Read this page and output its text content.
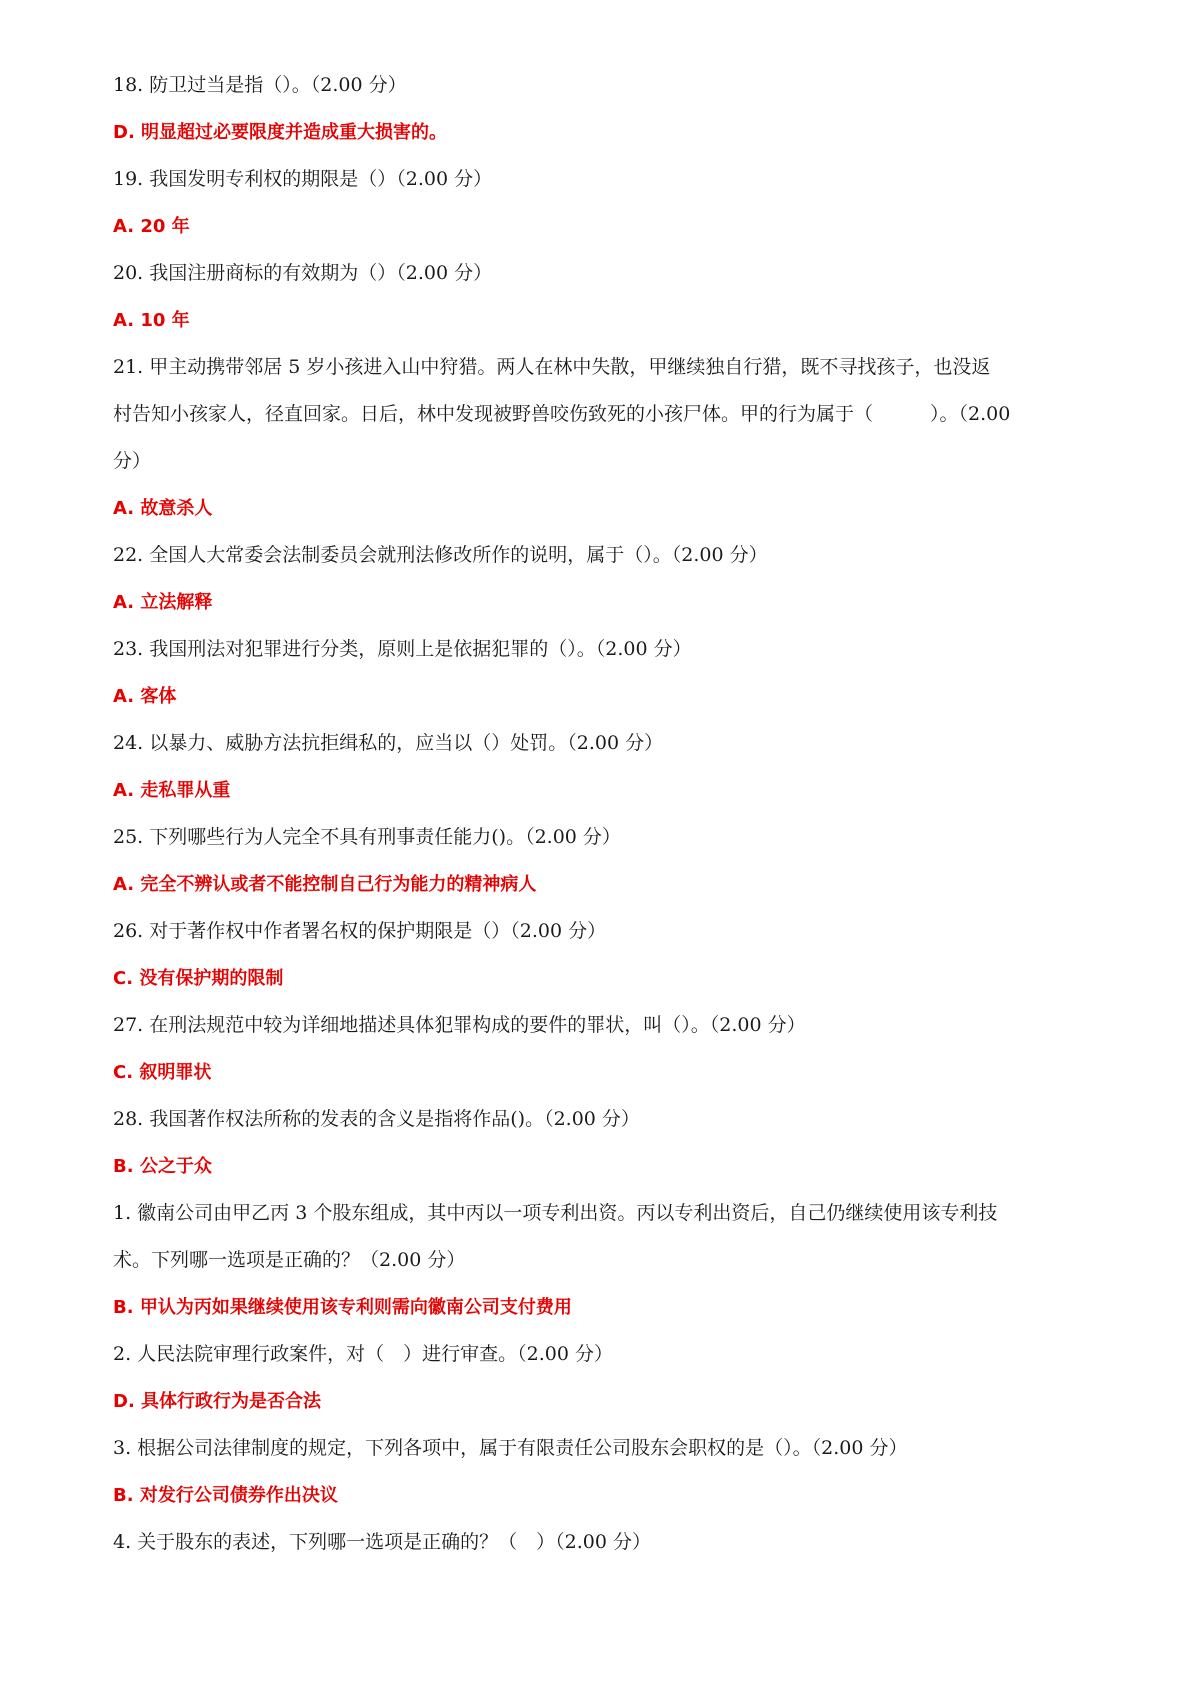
18. 防卫过当是指（）。（2.00 分）

D. 明显超过必要限度并造成重大损害的。

19. 我国发明专利权的期限是（）（2.00 分）

A. 20 年

20. 我国注册商标的有效期为（）（2.00 分）

A. 10 年

21. 甲主动携带邻居 5 岁小孩进入山中狩猎。两人在林中失散，甲继续独自行猎，既不寻找孩子，也没返

村告知小孩家人，径直回家。日后，林中发现被野兽咬伤致死的小孩尸体。甲的行为属于（　　　）。（2.00

分）

A. 故意杀人

22. 全国人大常委会法制委员会就刑法修改所作的说明，属于（）。（2.00 分）

A. 立法解释

23. 我国刑法对犯罪进行分类，原则上是依据犯罪的（）。（2.00 分）

A. 客体

24. 以暴力、威胁方法抗拒缉私的，应当以（）处罚。（2.00 分）

A. 走私罪从重

25. 下列哪些行为人完全不具有刑事责任能力()。（2.00 分）

A. 完全不辨认或者不能控制自己行为能力的精神病人

26. 对于著作权中作者署名权的保护期限是（）（2.00 分）

C. 没有保护期的限制

27. 在刑法规范中较为详细地描述具体犯罪构成的要件的罪状，叫（）。（2.00 分）

C. 叙明罪状

28. 我国著作权法所称的发表的含义是指将作品()。（2.00 分）

B. 公之于众

1. 徽南公司由甲乙丙 3 个股东组成，其中丙以一项专利出资。丙以专利出资后，自己仍继续使用该专利技

术。下列哪一选项是正确的？（2.00 分）

B. 甲认为丙如果继续使用该专利则需向徽南公司支付费用

2. 人民法院审理行政案件，对（　）进行审查。（2.00 分）

D. 具体行政行为是否合法

3. 根据公司法律制度的规定，下列各项中，属于有限责任公司股东会职权的是（）。（2.00 分）

B. 对发行公司债券作出决议

4. 关于股东的表述，下列哪一选项是正确的？（　）（2.00 分）
